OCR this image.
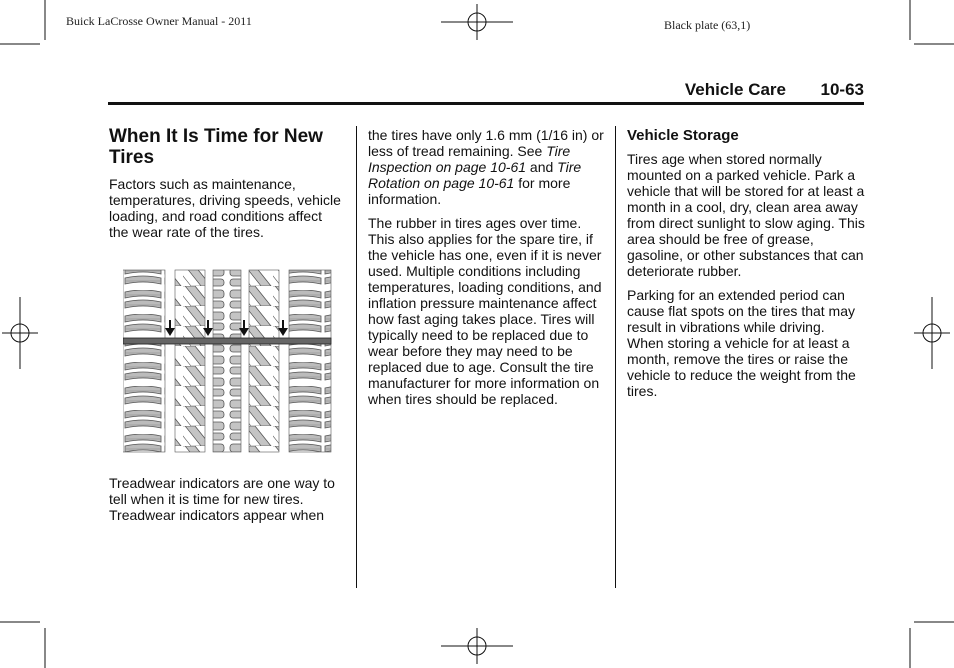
Buick LaCrosse Owner Manual - 2011	Black plate (63,1)
Vehicle Care 10-63
When It Is Time for New Tires

Factors such as maintenance, temperatures, driving speeds, vehicle loading, and road conditions affect the wear rate of the tires.

Treadwear indicators are one way to tell when it is time for new tires. Treadwear indicators appear when

the tires have only 1.6 mm (1/16 in) or less of tread remaining. See Tire Inspection on page 10-61 and Tire Rotation on page 10-61 for more information.

The rubber in tires ages over time. This also applies for the spare tire, if the vehicle has one, even if it is never used. Multiple conditions including temperatures, loading conditions, and inflation pressure maintenance affect how fast aging takes place. Tires will typically need to be replaced due to wear before they may need to be replaced due to age. Consult the tire manufacturer for more information on when tires should be replaced.

Vehicle Storage

Tires age when stored normally mounted on a parked vehicle. Park a vehicle that will be stored for at least a month in a cool, dry, clean area away from direct sunlight to slow aging. This area should be free of grease, gasoline, or other substances that can deteriorate rubber.

Parking for an extended period can cause flat spots on the tires that may result in vibrations while driving. When storing a vehicle for at least a month, remove the tires or raise the vehicle to reduce the weight from the tires.
